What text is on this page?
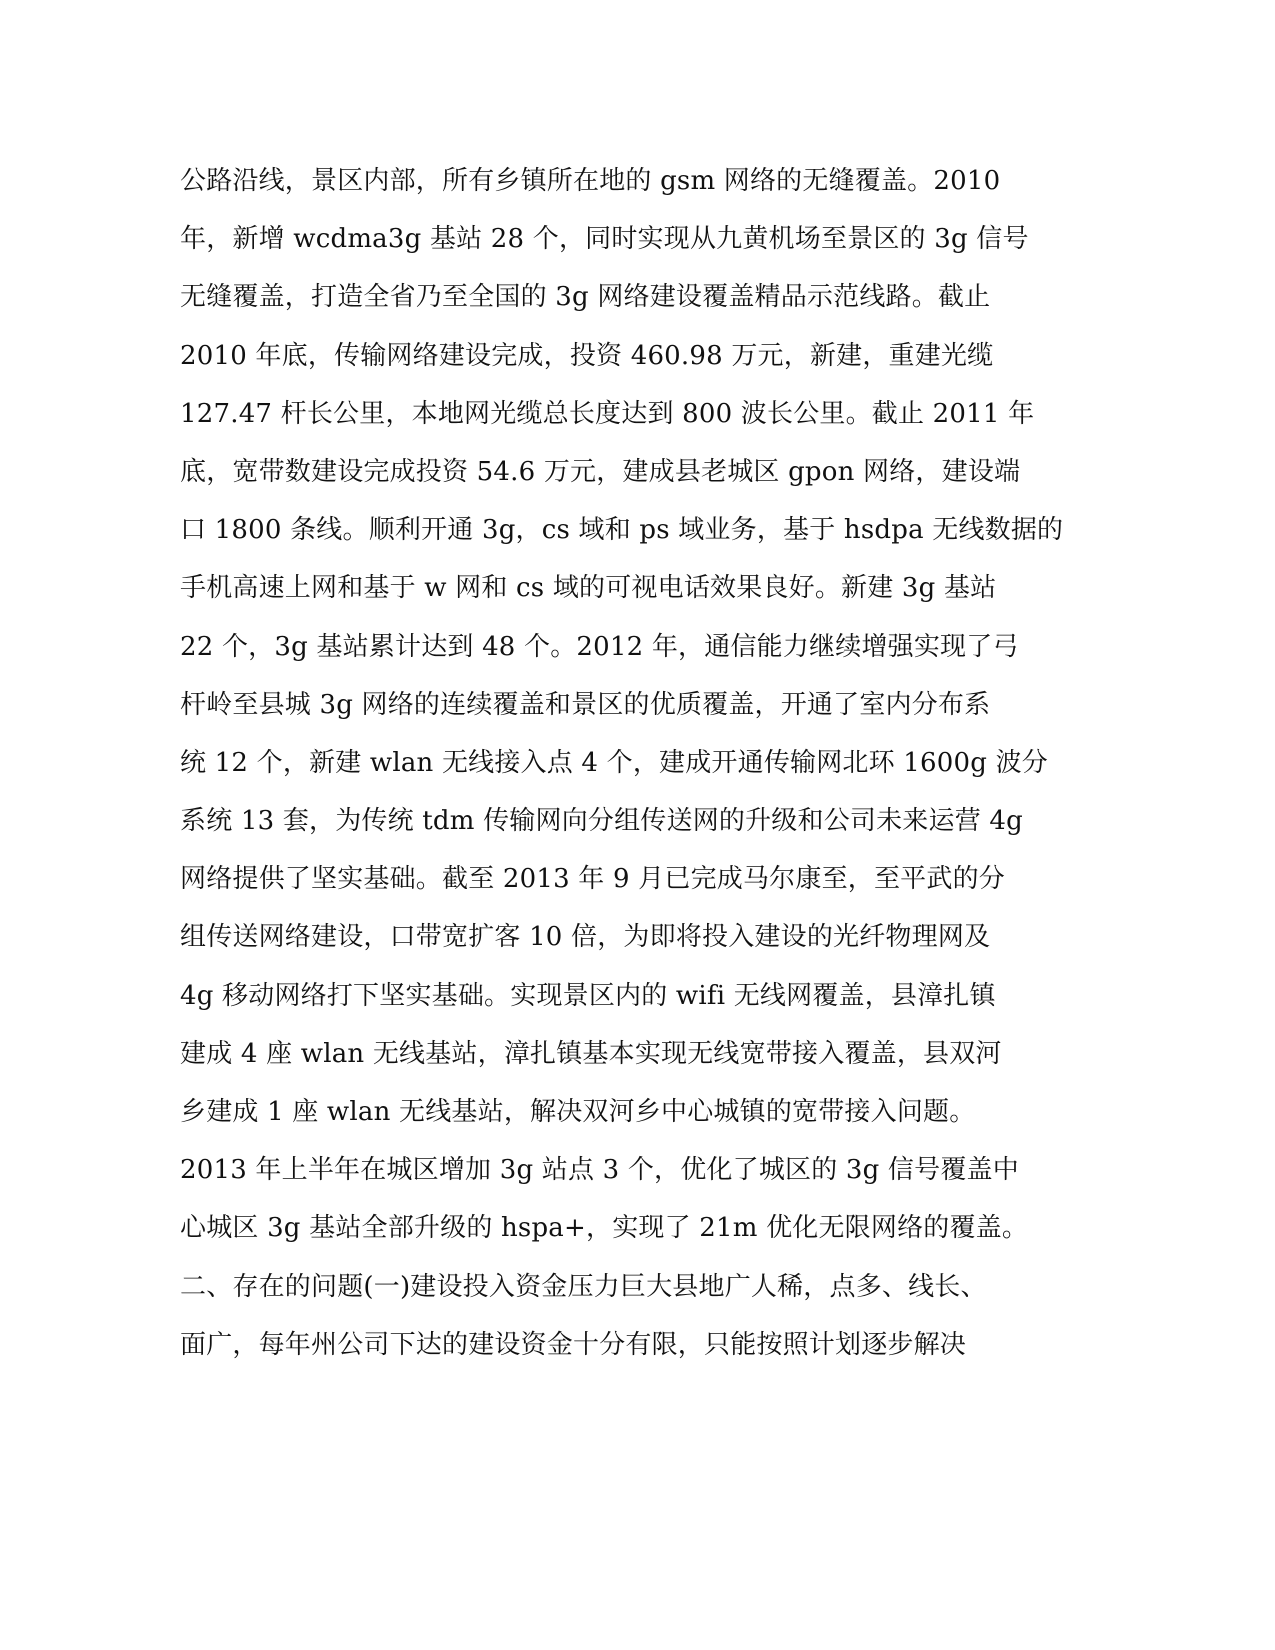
公路沿线，景区内部，所有乡镇所在地的 gsm 网络的无缝覆盖。2010
年，新增 wcdma3g 基站 28 个，同时实现从九黄机场至景区的 3g 信号
无缝覆盖，打造全省乃至全国的 3g 网络建设覆盖精品示范线路。截止
2010 年底，传输网络建设完成，投资 460.98 万元，新建，重建光缆
127.47 杆长公里，本地网光缆总长度达到 800 波长公里。截止 2011 年
底，宽带数建设完成投资 54.6 万元，建成县老城区 gpon 网络，建设端
口 1800 条线。顺利开通 3g，cs 域和 ps 域业务，基于 hsdpa 无线数据的
手机高速上网和基于 w 网和 cs 域的可视电话效果良好。新建 3g 基站
22 个，3g 基站累计达到 48 个。2012 年，通信能力继续增强实现了弓
杆岭至县城 3g 网络的连续覆盖和景区的优质覆盖，开通了室内分布系
统 12 个，新建 wlan 无线接入点 4 个，建成开通传输网北环 1600g 波分
系统 13 套，为传统 tdm 传输网向分组传送网的升级和公司未来运营 4g
网络提供了坚实基础。截至 2013 年 9 月已完成马尔康至，至平武的分
组传送网络建设，口带宽扩客 10 倍，为即将投入建设的光纤物理网及
4g 移动网络打下坚实基础。实现景区内的 wifi 无线网覆盖，县漳扎镇
建成 4 座 wlan 无线基站，漳扎镇基本实现无线宽带接入覆盖，县双河
乡建成 1 座 wlan 无线基站，解决双河乡中心城镇的宽带接入问题。
2013 年上半年在城区增加 3g 站点 3 个，优化了城区的 3g 信号覆盖中
心城区 3g 基站全部升级的 hspa+，实现了 21m 优化无限网络的覆盖。
二、存在的问题(一)建设投入资金压力巨大县地广人稀，点多、线长、
面广，每年州公司下达的建设资金十分有限，只能按照计划逐步解决
